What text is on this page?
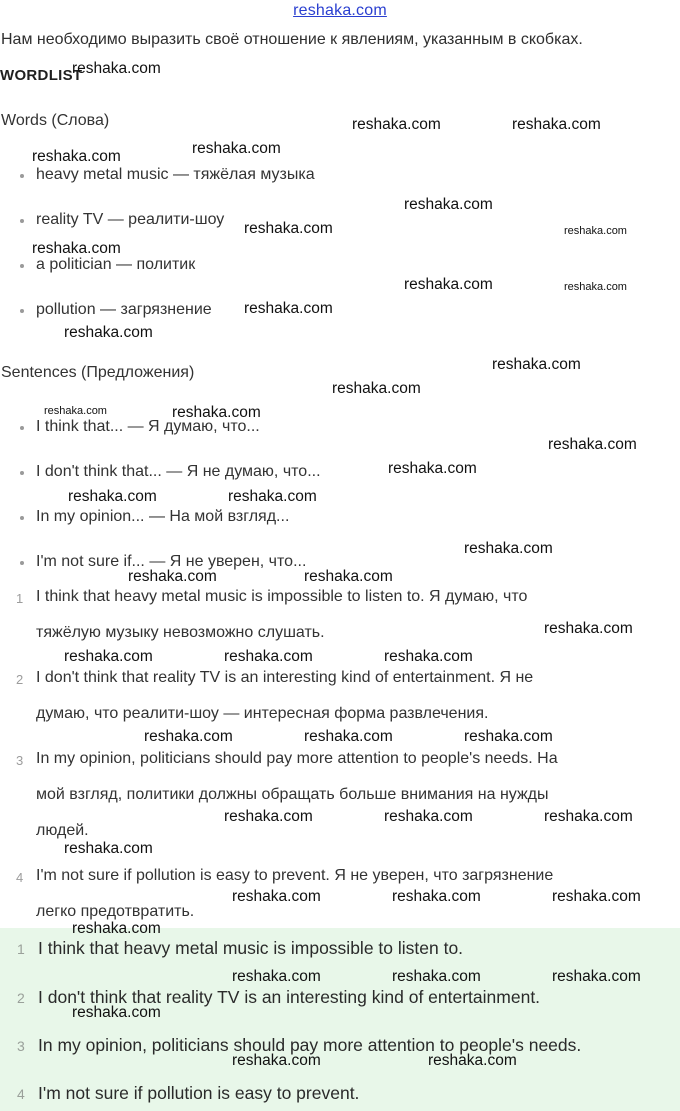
reshaka.com
Нам необходимо выразить своё отношение к явлениям, указанным в скобках.
WORDLIST
Words (Слова)
heavy metal music — тяжёлая музыка
reality TV — реалити-шоу
a politician — политик
pollution — загрязнение
Sentences (Предложения)
I think that... — Я думаю, что...
I don't think that... — Я не думаю, что...
In my opinion... — На мой взгляд...
I'm not sure if... — Я не уверен, что...
1 I think that heavy metal music is impossible to listen to. Я думаю, что
тяжёлую музыку невозможно слушать.
2 I don't think that reality TV is an interesting kind of entertainment. Я не
думаю, что реалити-шоу — интересная форма развлечения.
3 In my opinion, politicians should pay more attention to people's needs. На
мой взгляд, политики должны обращать больше внимания на нужды
людей.
4 I'm not sure if pollution is easy to prevent. Я не уверен, что загрязнение
легко предотвратить.
1 I think that heavy metal music is impossible to listen to.
2 I don't think that reality TV is an interesting kind of entertainment.
3 In my opinion, politicians should pay more attention to people's needs.
4 I'm not sure if pollution is easy to prevent.
reshaka.com
reshaka.com	reshaka.com
reshaka.com	reshaka.com
reshaka.com
reshaka.com	reshaka.com
reshaka.com
reshaka.com	reshaka.com
reshaka.com
reshaka.com
reshaka.com
reshaka.com
reshaka.com	reshaka.com
reshaka.com
reshaka.com
reshaka.com	reshaka.com
reshaka.com
reshaka.com	reshaka.com
reshaka.com
reshaka.com	reshaka.com	reshaka.com
reshaka.com	reshaka.com	reshaka.com
reshaka.com	reshaka.com	reshaka.com
reshaka.com
reshaka.com	reshaka.com	reshaka.com
reshaka.com
reshaka.com	reshaka.com	reshaka.com
reshaka.com
reshaka.com	reshaka.com
